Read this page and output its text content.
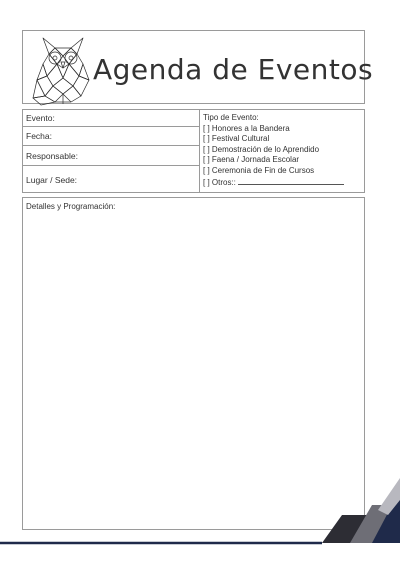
Agenda de Eventos
Evento:
Fecha:
Responsable:
Lugar / Sede:
Tipo de Evento:
[ ] Honores a la Bandera
[ ] Festival Cultural
[ ] Demostración de lo Aprendido
[ ] Faena / Jornada Escolar
[ ] Ceremonia de Fin de Cursos
[ ] Otros::
Detalles y Programación:
